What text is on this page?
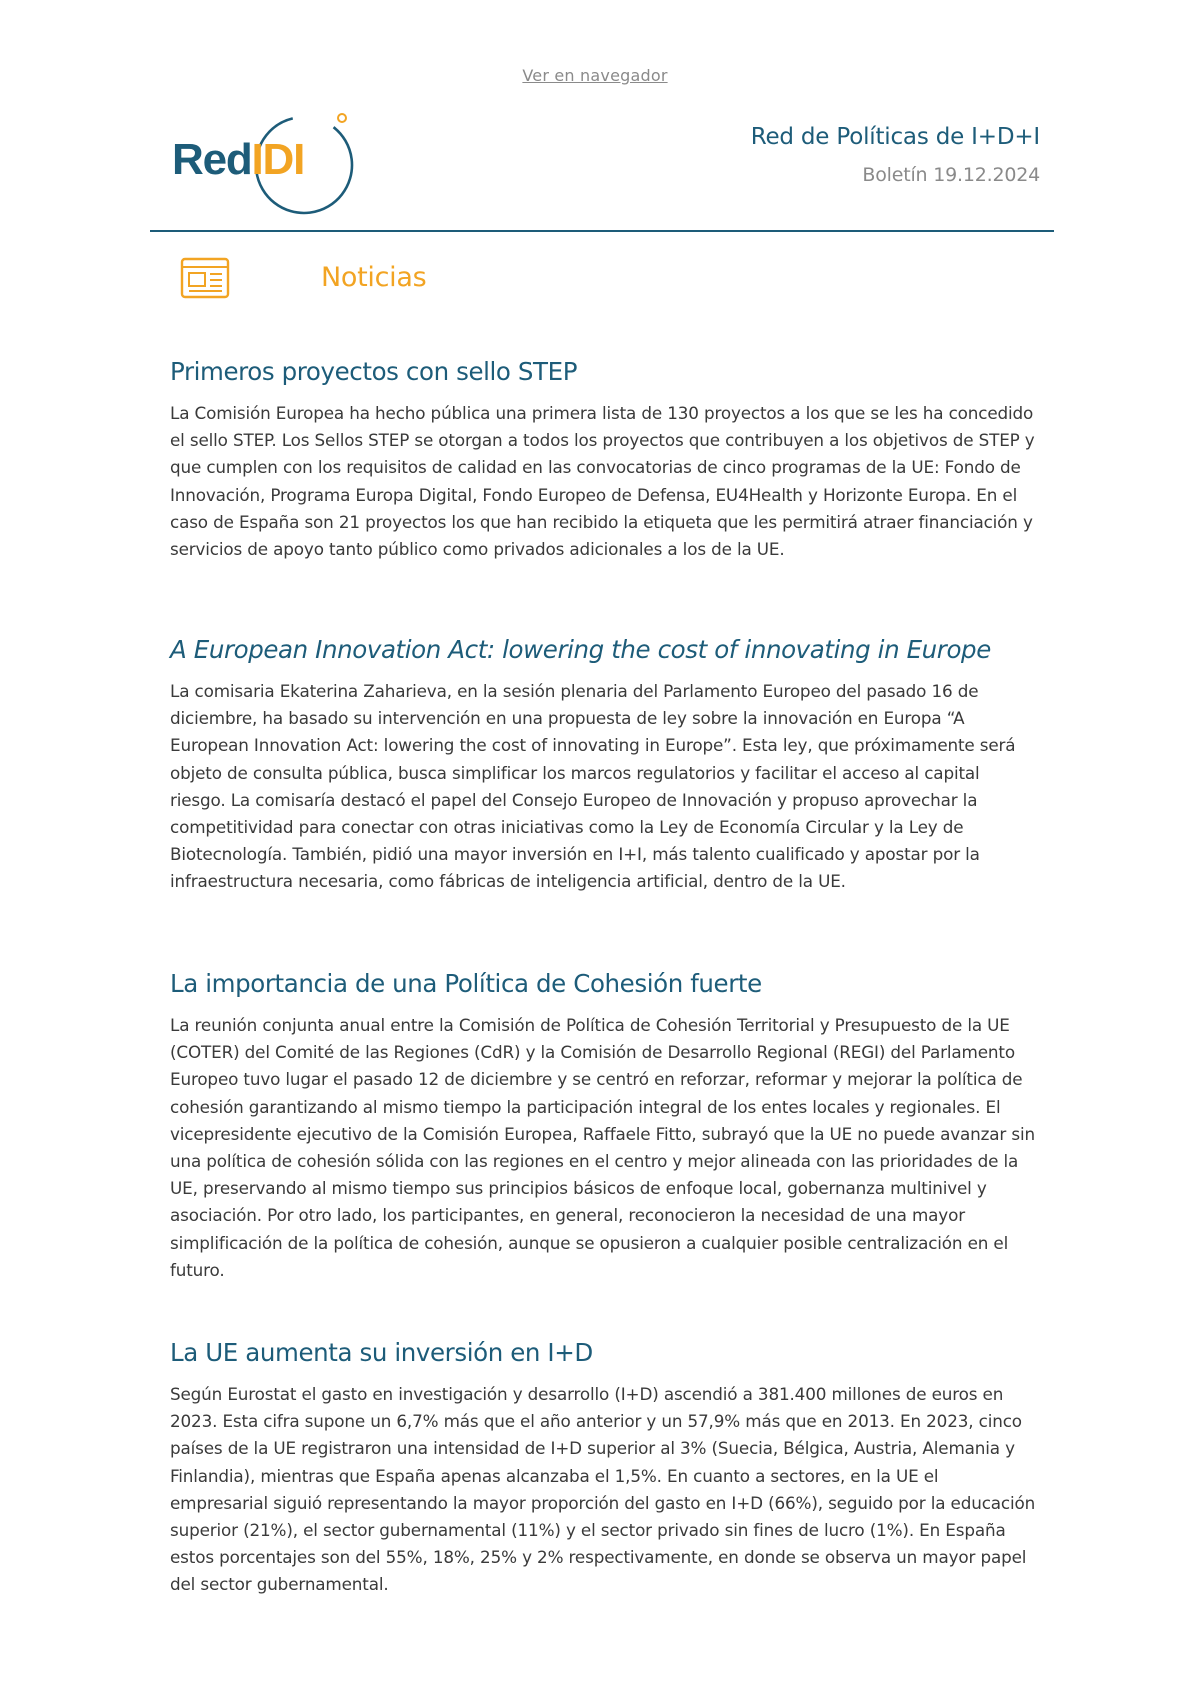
Ver en navegador
RedIDI	Red de Políticas de I+D+I
Boletín 19.12.2024
Noticias
Primeros proyectos con sello STEP

La Comisión Europea ha hecho pública una primera lista de 130 proyectos a los que se les ha concedido el sello STEP. Los Sellos STEP se otorgan a todos los proyectos que contribuyen a los objetivos de STEP y que cumplen con los requisitos de calidad en las convocatorias de cinco programas de la UE: Fondo de Innovación, Programa Europa Digital, Fondo Europeo de Defensa, EU4Health y Horizonte Europa. En el caso de España son 21 proyectos los que han recibido la etiqueta que les permitirá atraer financiación y servicios de apoyo tanto público como privados adicionales a los de la UE.

A European Innovation Act: lowering the cost of innovating in Europe

La comisaria Ekaterina Zaharieva, en la sesión plenaria del Parlamento Europeo del pasado 16 de diciembre, ha basado su intervención en una propuesta de ley sobre la innovación en Europa “A European Innovation Act: lowering the cost of innovating in Europe”. Esta ley, que próximamente será objeto de consulta pública, busca simplificar los marcos regulatorios y facilitar el acceso al capital riesgo. La comisaría destacó el papel del Consejo Europeo de Innovación y propuso aprovechar la competitividad para conectar con otras iniciativas como la Ley de Economía Circular y la Ley de Biotecnología. También, pidió una mayor inversión en I+I, más talento cualificado y apostar por la infraestructura necesaria, como fábricas de inteligencia artificial, dentro de la UE.

La importancia de una Política de Cohesión fuerte

La reunión conjunta anual entre la Comisión de Política de Cohesión Territorial y Presupuesto de la UE (COTER) del Comité de las Regiones (CdR) y la Comisión de Desarrollo Regional (REGI) del Parlamento Europeo tuvo lugar el pasado 12 de diciembre y se centró en reforzar, reformar y mejorar la política de cohesión garantizando al mismo tiempo la participación integral de los entes locales y regionales. El vicepresidente ejecutivo de la Comisión Europea, Raffaele Fitto, subrayó que la UE no puede avanzar sin una política de cohesión sólida con las regiones en el centro y mejor alineada con las prioridades de la UE, preservando al mismo tiempo sus principios básicos de enfoque local, gobernanza multinivel y asociación. Por otro lado, los participantes, en general, reconocieron la necesidad de una mayor simplificación de la política de cohesión, aunque se opusieron a cualquier posible centralización en el futuro.

La UE aumenta su inversión en I+D

Según Eurostat el gasto en investigación y desarrollo (I+D) ascendió a 381.400 millones de euros en 2023. Esta cifra supone un 6,7% más que el año anterior y un 57,9% más que en 2013. En 2023, cinco países de la UE registraron una intensidad de I+D superior al 3% (Suecia, Bélgica, Austria, Alemania y Finlandia), mientras que España apenas alcanzaba el 1,5%. En cuanto a sectores, en la UE el empresarial siguió representando la mayor proporción del gasto en I+D (66%), seguido por la educación superior (21%), el sector gubernamental (11%) y el sector privado sin fines de lucro (1%). En España estos porcentajes son del 55%, 18%, 25% y 2% respectivamente, en donde se observa un mayor papel del sector gubernamental.
